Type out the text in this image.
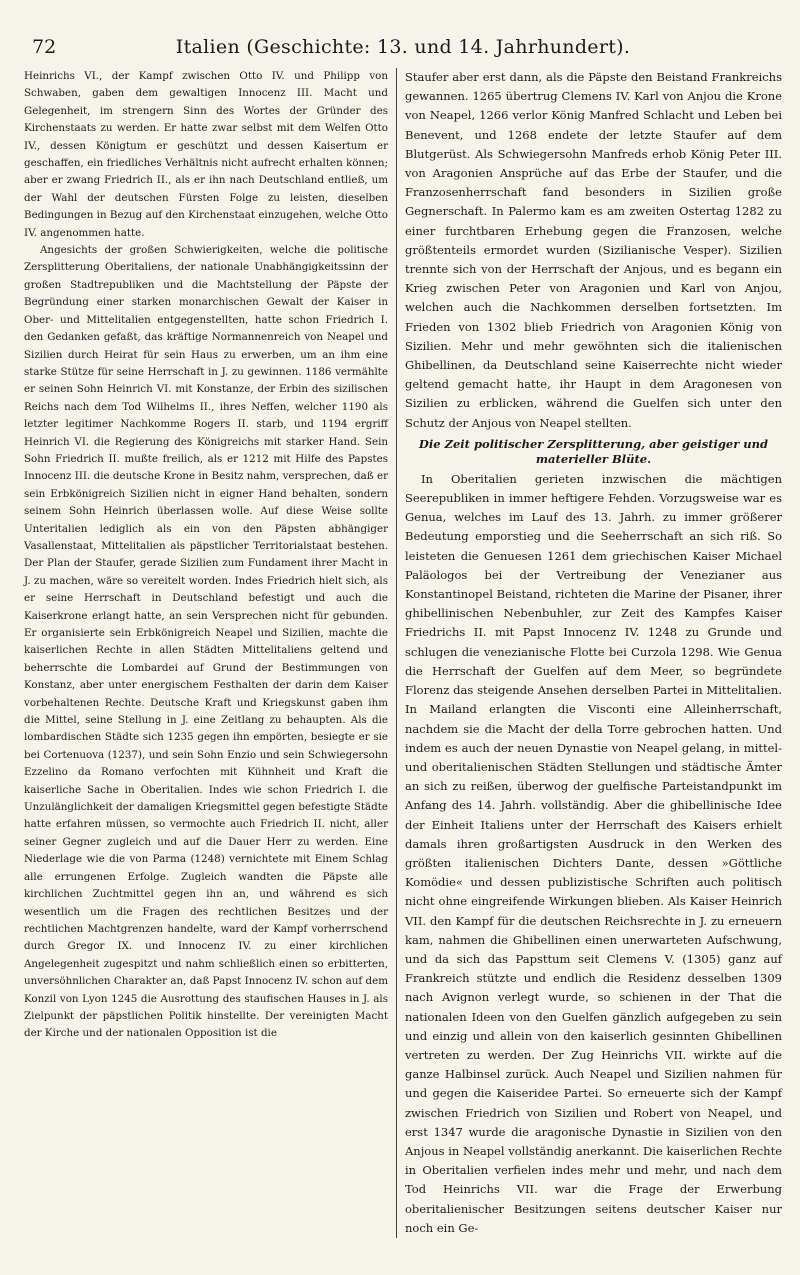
72	Italien (Geschichte: 13. und 14. Jahrhundert).

Heinrichs VI., der Kampf zwischen Otto IV. und Philipp von Schwaben, gaben dem gewaltigen Innocenz III. Macht und Gelegenheit, im strengern Sinn des Wortes der Gründer des Kirchenstaats zu werden. Er hatte zwar selbst mit dem Welfen Otto IV., dessen Königtum er geschützt und dessen Kaisertum er geschaffen, ein friedliches Verhältnis nicht aufrecht erhalten können; aber er zwang Friedrich II., als er ihn nach Deutschland entließ, um der Wahl der deutschen Fürsten Folge zu leisten, dieselben Bedingungen in Bezug auf den Kirchenstaat einzugehen, welche Otto IV. angenommen hatte.

Angesichts der großen Schwierigkeiten, welche die politische Zersplitterung Oberitaliens, der nationale Unabhängigkeitssinn der großen Stadtrepubliken und die Machtstellung der Päpste der Begründung einer starken monarchischen Gewalt der Kaiser in Ober- und Mittelitalien entgegenstellten, hatte schon Friedrich I. den Gedanken gefaßt, das kräftige Normannenreich von Neapel und Sizilien durch Heirat für sein Haus zu erwerben, um an ihm eine starke Stütze für seine Herrschaft in J. zu gewinnen. 1186 vermählte er seinen Sohn Heinrich VI. mit Konstanze, der Erbin des sizilischen Reichs nach dem Tod Wilhelms II., ihres Neffen, welcher 1190 als letzter legitimer Nachkomme Rogers II. starb, und 1194 ergriff Heinrich VI. die Regierung des Königreichs mit starker Hand. Sein Sohn Friedrich II. mußte freilich, als er 1212 mit Hilfe des Papstes Innocenz III. die deutsche Krone in Besitz nahm, versprechen, daß er sein Erbkönigreich Sizilien nicht in eigner Hand behalten, sondern seinem Sohn Heinrich überlassen wolle. Auf diese Weise sollte Unteritalien lediglich als ein von den Päpsten abhängiger Vasallenstaat, Mittelitalien als päpstlicher Territorialstaat bestehen. Der Plan der Staufer, gerade Sizilien zum Fundament ihrer Macht in J. zu machen, wäre so vereitelt worden. Indes Friedrich hielt sich, als er seine Herrschaft in Deutschland befestigt und auch die Kaiserkrone erlangt hatte, an sein Versprechen nicht für gebunden. Er organisierte sein Erbkönigreich Neapel und Sizilien, machte die kaiserlichen Rechte in allen Städten Mittelitaliens geltend und beherrschte die Lombardei auf Grund der Bestimmungen von Konstanz, aber unter energischem Festhalten der darin dem Kaiser vorbehaltenen Rechte. Deutsche Kraft und Kriegskunst gaben ihm die Mittel, seine Stellung in J. eine Zeitlang zu behaupten. Als die lombardischen Städte sich 1235 gegen ihn empörten, besiegte er sie bei Cortenuova (1237), und sein Sohn Enzio und sein Schwiegersohn Ezzelino da Romano verfochten mit Kühnheit und Kraft die kaiserliche Sache in Oberitalien. Indes wie schon Friedrich I. die Unzulänglichkeit der damaligen Kriegsmittel gegen befestigte Städte hatte erfahren müssen, so vermochte auch Friedrich II. nicht, aller seiner Gegner zugleich und auf die Dauer Herr zu werden. Eine Niederlage wie die von Parma (1248) vernichtete mit Einem Schlag alle errungenen Erfolge. Zugleich wandten die Päpste alle kirchlichen Zuchtmittel gegen ihn an, und während es sich wesentlich um die Fragen des rechtlichen Besitzes und der rechtlichen Machtgrenzen handelte, ward der Kampf vorherrschend durch Gregor IX. und Innocenz IV. zu einer kirchlichen Angelegenheit zugespitzt und nahm schließlich einen so erbitterten, unversöhnlichen Charakter an, daß Papst Innocenz IV. schon auf dem Konzil von Lyon 1245 die Ausrottung des staufischen Hauses in J. als Zielpunkt der päpstlichen Politik hinstellte. Der vereinigten Macht der Kirche und der nationalen Opposition ist die

Staufer aber erst dann, als die Päpste den Beistand Frankreichs gewannen. 1265 übertrug Clemens IV. Karl von Anjou die Krone von Neapel, 1266 verlor König Manfred Schlacht und Leben bei Benevent, und 1268 endete der letzte Staufer auf dem Blutgerüst. Als Schwiegersohn Manfreds erhob König Peter III. von Aragonien Ansprüche auf das Erbe der Staufer, und die Franzosenherrschaft fand besonders in Sizilien große Gegnerschaft. In Palermo kam es am zweiten Ostertag 1282 zu einer furchtbaren Erhebung gegen die Franzosen, welche größtenteils ermordet wurden (Sizilianische Vesper). Sizilien trennte sich von der Herrschaft der Anjous, und es begann ein Krieg zwischen Peter von Aragonien und Karl von Anjou, welchen auch die Nachkommen derselben fortsetzten. Im Frieden von 1302 blieb Friedrich von Aragonien König von Sizilien. Mehr und mehr gewöhnten sich die italienischen Ghibellinen, da Deutschland seine Kaiserrechte nicht wieder geltend gemacht hatte, ihr Haupt in dem Aragonesen von Sizilien zu erblicken, während die Guelfen sich unter den Schutz der Anjous von Neapel stellten.

Die Zeit politischer Zersplitterung, aber geistiger und
materieller Blüte.

In Oberitalien gerieten inzwischen die mächtigen Seerepubliken in immer heftigere Fehden. Vorzugsweise war es Genua, welches im Lauf des 13. Jahrh. zu immer größerer Bedeutung emporstieg und die Seeherrschaft an sich riß. So leisteten die Genuesen 1261 dem griechischen Kaiser Michael Paläologos bei der Vertreibung der Venezianer aus Konstantinopel Beistand, richteten die Marine der Pisaner, ihrer ghibellinischen Nebenbuhler, zur Zeit des Kampfes Kaiser Friedrichs II. mit Papst Innocenz IV. 1248 zu Grunde und schlugen die venezianische Flotte bei Curzola 1298. Wie Genua die Herrschaft der Guelfen auf dem Meer, so begründete Florenz das steigende Ansehen derselben Partei in Mittelitalien. In Mailand erlangten die Visconti eine Alleinherrschaft, nachdem sie die Macht der della Torre gebrochen hatten. Und indem es auch der neuen Dynastie von Neapel gelang, in mittel- und oberitalienischen Städten Stellungen und städtische Ämter an sich zu reißen, überwog der guelfische Parteistandpunkt im Anfang des 14. Jahrh. vollständig. Aber die ghibellinische Idee der Einheit Italiens unter der Herrschaft des Kaisers erhielt damals ihren großartigsten Ausdruck in den Werken des größten italienischen Dichters Dante, dessen »Göttliche Komödie« und dessen publizistische Schriften auch politisch nicht ohne eingreifende Wirkungen blieben. Als Kaiser Heinrich VII. den Kampf für die deutschen Reichsrechte in J. zu erneuern kam, nahmen die Ghibellinen einen unerwarteten Aufschwung, und da sich das Papsttum seit Clemens V. (1305) ganz auf Frankreich stützte und endlich die Residenz desselben 1309 nach Avignon verlegt wurde, so schienen in der That die nationalen Ideen von den Guelfen gänzlich aufgegeben zu sein und einzig und allein von den kaiserlich gesinnten Ghibellinen vertreten zu werden. Der Zug Heinrichs VII. wirkte auf die ganze Halbinsel zurück. Auch Neapel und Sizilien nahmen für und gegen die Kaiseridee Partei. So erneuerte sich der Kampf zwischen Friedrich von Sizilien und Robert von Neapel, und erst 1347 wurde die aragonische Dynastie in Sizilien von den Anjous in Neapel vollständig anerkannt. Die kaiserlichen Rechte in Oberitalien verfielen indes mehr und mehr, und nach dem Tod Heinrichs VII. war die Frage der Erwerbung oberitalienischer Besitzungen seitens deutscher Kaiser nur noch ein Ge-
